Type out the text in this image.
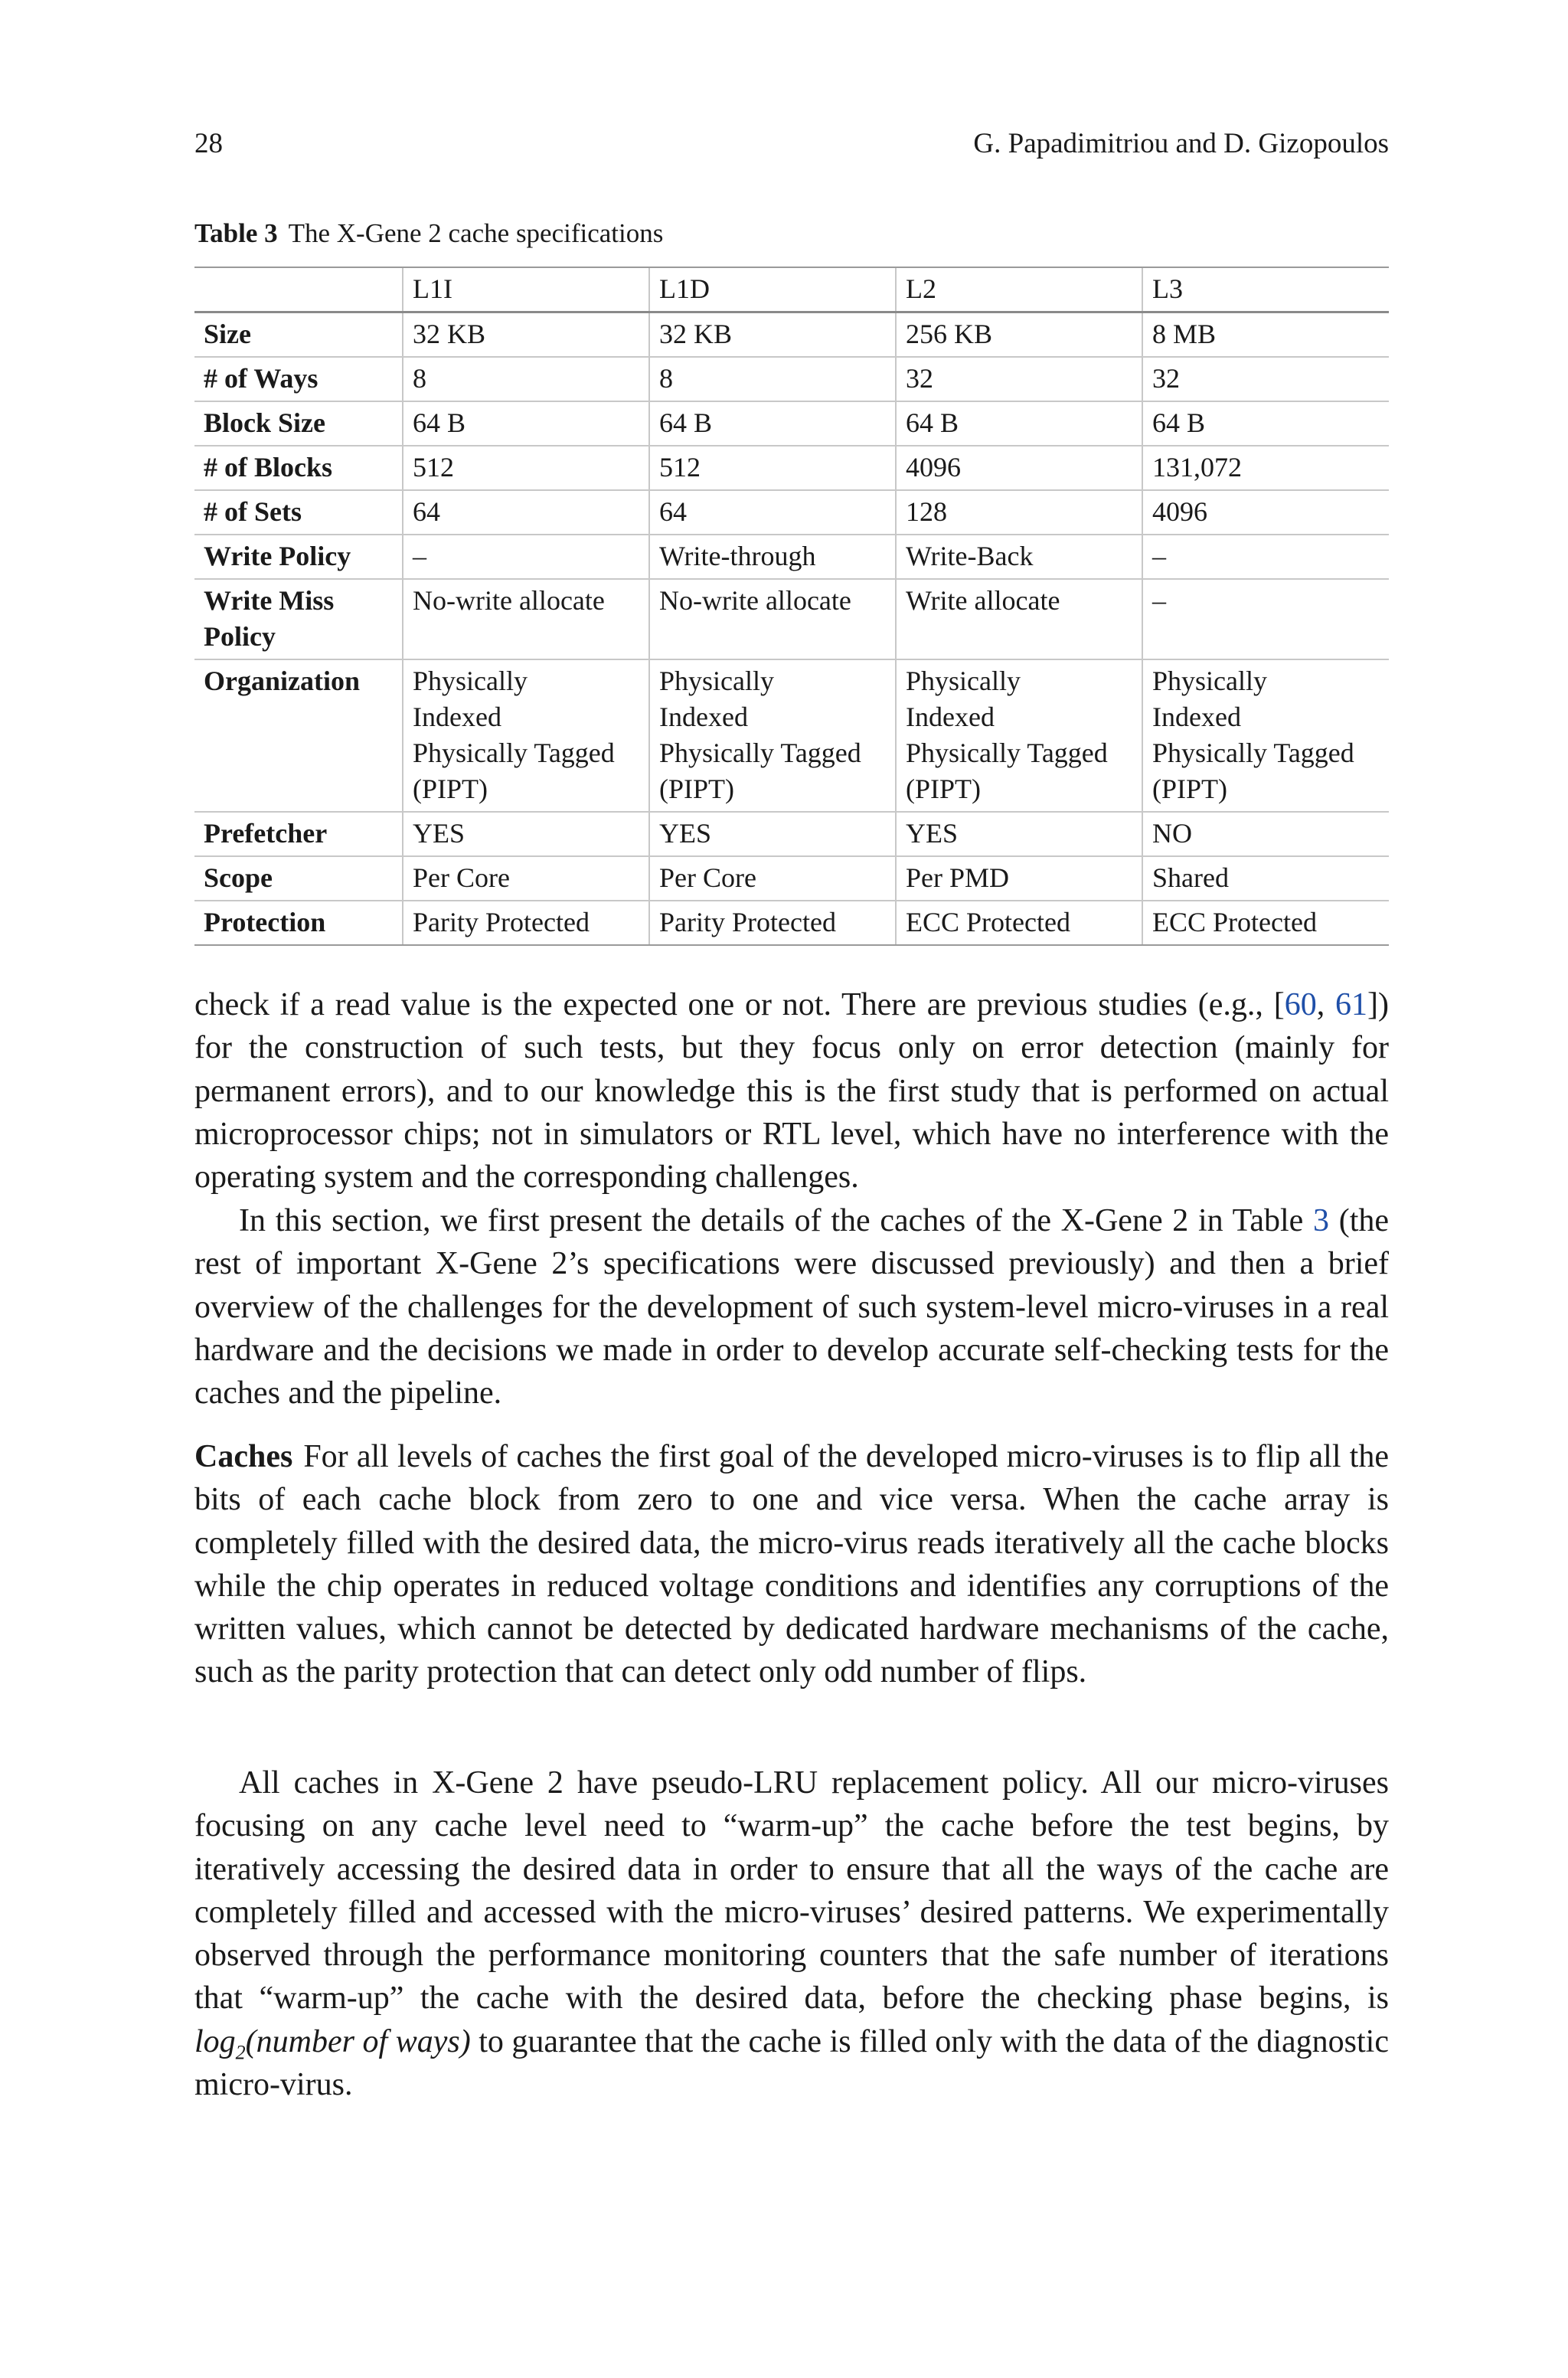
28	G. Papadimitriou and D. Gizopoulos
Table 3 The X-Gene 2 cache specifications
	L1I	L1D	L2	L3
Size	32 KB	32 KB	256 KB	8 MB

# of Ways	8	8	32	32

Block Size	64 B	64 B	64 B	64 B

# of Blocks	512	512	4096	131,072

# of Sets	64	64	128	4096

Write Policy	–	Write-through	Write-Back	–

Write Miss Policy	No-write allocate	No-write allocate	Write allocate	–

Organization	Physically
Indexed
Physically Tagged
(PIPT)	Physically
Indexed
Physically Tagged
(PIPT)	Physically
Indexed
Physically Tagged
(PIPT)	Physically
Indexed
Physically Tagged
(PIPT)

Prefetcher	YES	YES	YES	NO

Scope	Per Core	Per Core	Per PMD	Shared

Protection	Parity Protected	Parity Protected	ECC Protected	ECC Protected

check if a read value is the expected one or not. There are previous studies (e.g., [60, 61]) for the construction of such tests, but they focus only on error detection (mainly for permanent errors), and to our knowledge this is the first study that is performed on actual microprocessor chips; not in simulators or RTL level, which have no interference with the operating system and the corresponding challenges.

In this section, we first present the details of the caches of the X-Gene 2 in Table 3 (the rest of important X-Gene 2’s specifications were discussed previously) and then a brief overview of the challenges for the development of such system-level micro-viruses in a real hardware and the decisions we made in order to develop accurate self-checking tests for the caches and the pipeline.

Caches For all levels of caches the first goal of the developed micro-viruses is to flip all the bits of each cache block from zero to one and vice versa. When the cache array is completely filled with the desired data, the micro-virus reads iteratively all the cache blocks while the chip operates in reduced voltage conditions and identifies any corruptions of the written values, which cannot be detected by dedicated hardware mechanisms of the cache, such as the parity protection that can detect only odd number of flips.

All caches in X-Gene 2 have pseudo-LRU replacement policy. All our micro-viruses focusing on any cache level need to “warm-up” the cache before the test begins, by iteratively accessing the desired data in order to ensure that all the ways of the cache are completely filled and accessed with the micro-viruses’ desired patterns. We experimentally observed through the performance monitoring counters that the safe number of iterations that “warm-up” the cache with the desired data, before the checking phase begins, is $\log_2(number$ of ways) to guarantee that the cache is filled only with the data of the diagnostic micro-virus.
